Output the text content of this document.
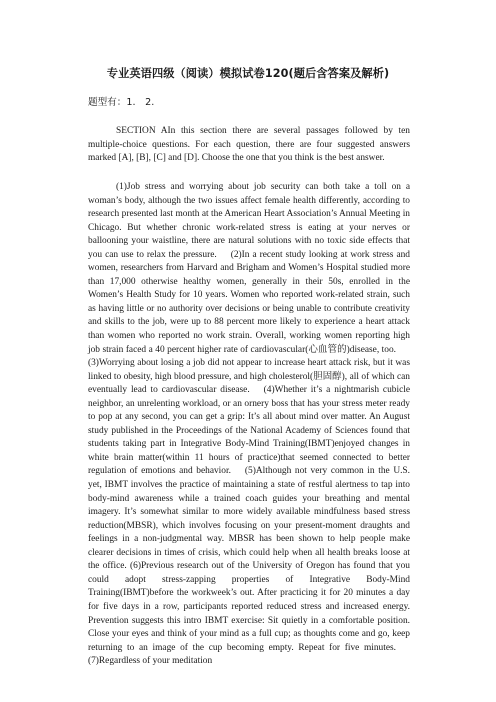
专业英语四级（阅读）模拟试卷120(题后含答案及解析)
题型有：1.　2.

SECTION AIn this section there are several passages followed by ten multiple-choice questions. For each question, there are four suggested answers marked [A], [B], [C] and [D]. Choose the one that you think is the best answer.

(1)Job stress and worrying about job security can both take a toll on a woman’s body, although the two issues affect female health differently, according to research presented last month at the American Heart Association’s Annual Meeting in Chicago. But whether chronic work-related stress is eating at your nerves or ballooning your waistline, there are natural solutions with no toxic side effects that you can use to relax the pressure. (2)In a recent study looking at work stress and women, researchers from Harvard and Brigham and Women’s Hospital studied more than 17,000 otherwise healthy women, generally in their 50s, enrolled in the Women’s Health Study for 10 years. Women who reported work-related strain, such as having little or no authority over decisions or being unable to contribute creativity and skills to the job, were up to 88 percent more likely to experience a heart attack than women who reported no work strain. Overall, working women reporting high job strain faced a 40 percent higher rate of cardiovascular(心血管的)disease, too.(3)Worrying about losing a job did not appear to increase heart attack risk, but it was linked to obesity, high blood pressure, and high cholesterol(胆固醇), all of which can eventually lead to cardiovascular disease. (4)Whether it’s a nightmarish cubicle neighbor, an unrelenting workload, or an ornery boss that has your stress meter ready to pop at any second, you can get a grip: It’s all about mind over matter. An August study published in the Proceedings of the National Academy of Sciences found that students taking part in Integrative Body-Mind Training(IBMT)enjoyed changes in white brain matter(within 11 hours of practice)that seemed connected to better regulation of emotions and behavior. (5)Although not very common in the U.S. yet, IBMT involves the practice of maintaining a state of restful alertness to tap into body-mind awareness while a trained coach guides your breathing and mental imagery. It’s somewhat similar to more widely available mindfulness based stress reduction(MBSR), which involves focusing on your present-moment draughts and feelings in a non-judgmental way. MBSR has been shown to help people make clearer decisions in times of crisis, which could help when all health breaks loose at the office. (6)Previous research out of the University of Oregon has found that you could adopt stress-zapping properties of Integrative Body-Mind Training(IBMT)before the workweek’s out. After practicing it for 20 minutes a day for five days in a row, participants reported reduced stress and increased energy. Prevention suggests this intro IBMT exercise: Sit quietly in a comfortable position. Close your eyes and think of your mind as a full cup; as thoughts come and go, keep returning to an image of the cup becoming empty. Repeat for five minutes.(7)Regardless of your meditation
